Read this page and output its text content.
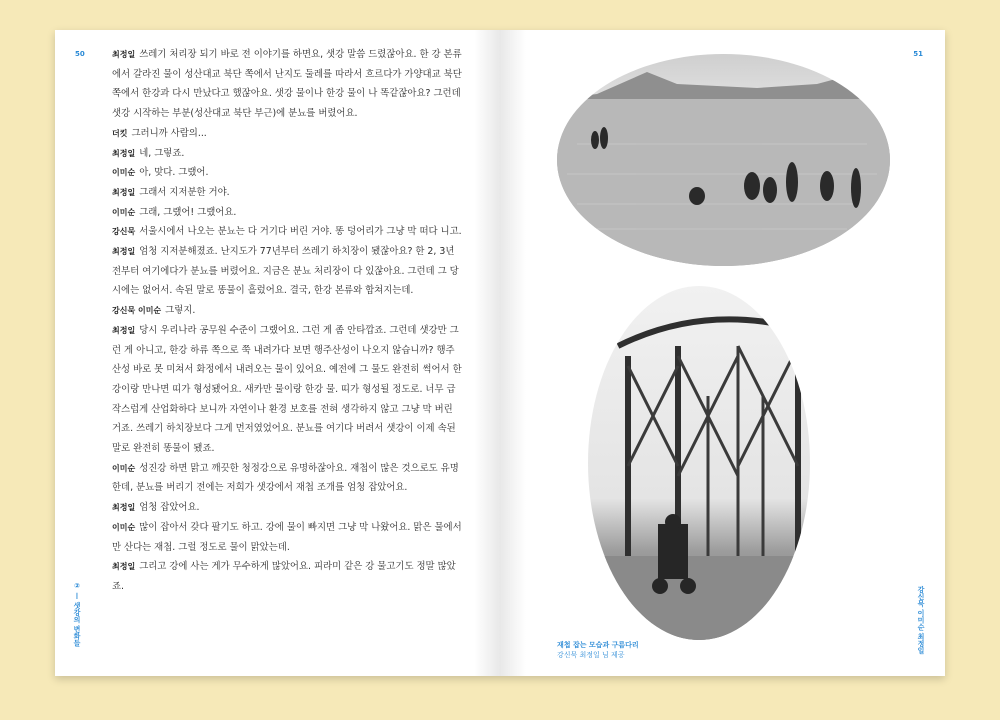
50	최정일 쓰레기 처리장 되기 바로 전 이야기를 하면요, 샛강 말씀 드렸잖아요. 한 강 본류에서 갈라진 물이 성산대교 북단 쪽에서 난지도 둘레를 따라서 흐르다가 가양대교 북단 쪽에서 한강과 다시 만났다고 했잖아요. 샛강 물이나 한강 물이 나 똑같잖아요? 그런데 샛강 시작하는 부분(성산대교 북단 부근)에 분뇨를 버렸어요.

더킷 그러니까 사람의...

최정일 네, 그렇죠.

이미순 아, 맞다. 그랬어.

최정일 그래서 지저분한 거야.

이미순 그래, 그랬어! 그랬어요.

강신묵 서울시에서 나오는 분뇨는 다 거기다 버린 거야. 똥 덩어리가 그냥 막 떠다 니고.

최정일 엄청 지저분해졌죠. 난지도가 77년부터 쓰레기 하치장이 됐잖아요? 한 2, 3년 전부터 여기에다가 분뇨를 버렸어요. 지금은 분뇨 처리장이 다 있잖아요. 그런데 그 당시에는 없어서. 속된 말로 똥물이 흘렀어요. 결국, 한강 본류와 합쳐지는데.

강신묵 이미순 그렇지.

최정일 당시 우리나라 공무원 수준이 그랬어요. 그런 게 좀 안타깝죠. 그런데 샛강만 그런 게 아니고, 한강 하류 쪽으로 쭉 내려가다 보면 행주산성이 나오지 않습니까? 행주산성 바로 못 미쳐서 화정에서 내려오는 물이 있어요. 예전에 그 물도 완전히 썩어서 한강이랑 만나면 띠가 형성됐어요. 새카만 물이랑 한강 물. 띠가 형성될 정도로. 너무 급작스럽게 산업화하다 보니까 자연이나 환경 보호를 전혀 생각하지 않고 그냥 막 버린 거죠. 쓰레기 하치장보다 그게 먼저였었어요. 분뇨를 여기다 버려서 샛강이 이제 속된 말로 완전히 똥물이 됐죠.

이미순 성진강 하면 맑고 깨끗한 청정강으로 유명하잖아요. 재첩이 많은 것으로도 유명한데, 분뇨를 버리기 전에는 저희가 샛강에서 재첩 조개를 엄청 잡았어요.

최정일 엄청 잡았어요.

이미순 많이 잡아서 갖다 팔기도 하고. 강에 물이 빠지면 그냥 막 나왔어요. 맑은 물에서만 산다는 재첩. 그럴 정도로 물이 맑았는데.

최정일 그리고 강에 사는 게가 무수하게 많았어요. 피라미 같은 강 물고기도 정말 많았죠.

② — 샛강의 변화들
51
재첩 잡는 모습과 구름다리
강신묵 최정일 님 제공
강신묵 이미순 최정일
